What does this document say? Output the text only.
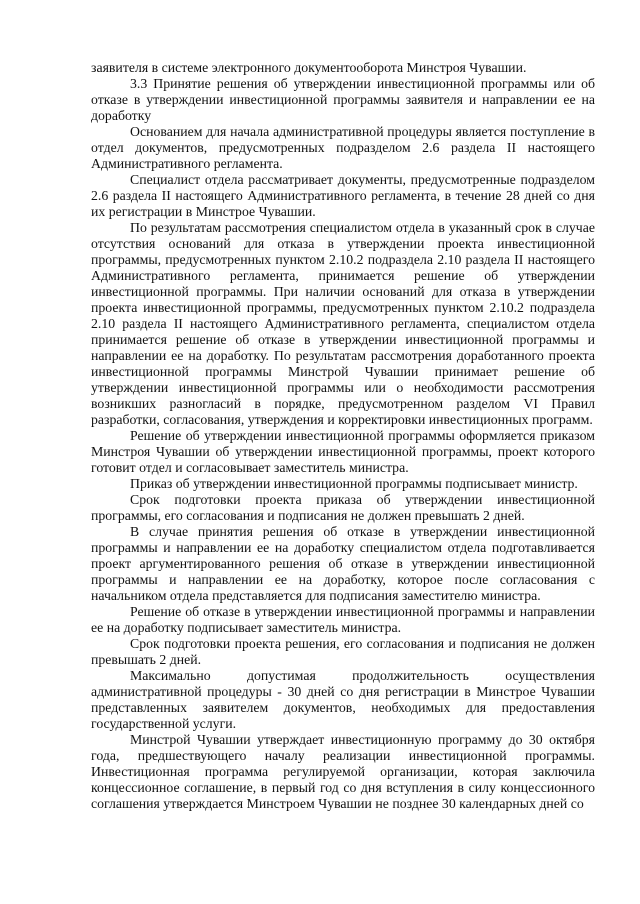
заявителя в системе электронного документооборота Минстроя Чувашии.

3.3 Принятие решения об утверждении инвестиционной программы или об отказе в утверждении инвестиционной программы заявителя и направлении ее на доработку

Основанием для начала административной процедуры является поступление в отдел документов, предусмотренных подразделом 2.6 раздела II настоящего Административного регламента.

Специалист отдела рассматривает документы, предусмотренные подразделом 2.6 раздела II настоящего Административного регламента, в течение 28 дней со дня их регистрации в Минстрое Чувашии.

По результатам рассмотрения специалистом отдела в указанный срок в случае отсутствия оснований для отказа в утверждении проекта инвестиционной программы, предусмотренных пунктом 2.10.2 подраздела 2.10 раздела II настоящего Административного регламента, принимается решение об утверждении инвестиционной программы. При наличии оснований для отказа в утверждении проекта инвестиционной программы, предусмотренных пунктом 2.10.2 подраздела 2.10 раздела II настоящего Административного регламента, специалистом отдела принимается решение об отказе в утверждении инвестиционной программы и направлении ее на доработку. По результатам рассмотрения доработанного проекта инвестиционной программы Минстрой Чувашии принимает решение об утверждении инвестиционной программы или о необходимости рассмотрения возникших разногласий в порядке, предусмотренном разделом VI Правил разработки, согласования, утверждения и корректировки инвестиционных программ.

Решение об утверждении инвестиционной программы оформляется приказом Минстроя Чувашии об утверждении инвестиционной программы, проект которого готовит отдел и согласовывает заместитель министра.

Приказ об утверждении инвестиционной программы подписывает министр.

Срок подготовки проекта приказа об утверждении инвестиционной программы, его согласования и подписания не должен превышать 2 дней.

В случае принятия решения об отказе в утверждении инвестиционной программы и направлении ее на доработку специалистом отдела подготавливается проект аргументированного решения об отказе в утверждении инвестиционной программы и направлении ее на доработку, которое после согласования с начальником отдела представляется для подписания заместителю министра.

Решение об отказе в утверждении инвестиционной программы и направлении ее на доработку подписывает заместитель министра.

Срок подготовки проекта решения, его согласования и подписания не должен превышать 2 дней.

Максимально допустимая продолжительность осуществления административной процедуры - 30 дней со дня регистрации в Минстрое Чувашии представленных заявителем документов, необходимых для предоставления государственной услуги.

Минстрой Чувашии утверждает инвестиционную программу до 30 октября года, предшествующего началу реализации инвестиционной программы. Инвестиционная программа регулируемой организации, которая заключила концессионное соглашение, в первый год со дня вступления в силу концессионного соглашения утверждается Минстроем Чувашии не позднее 30 календарных дней со
